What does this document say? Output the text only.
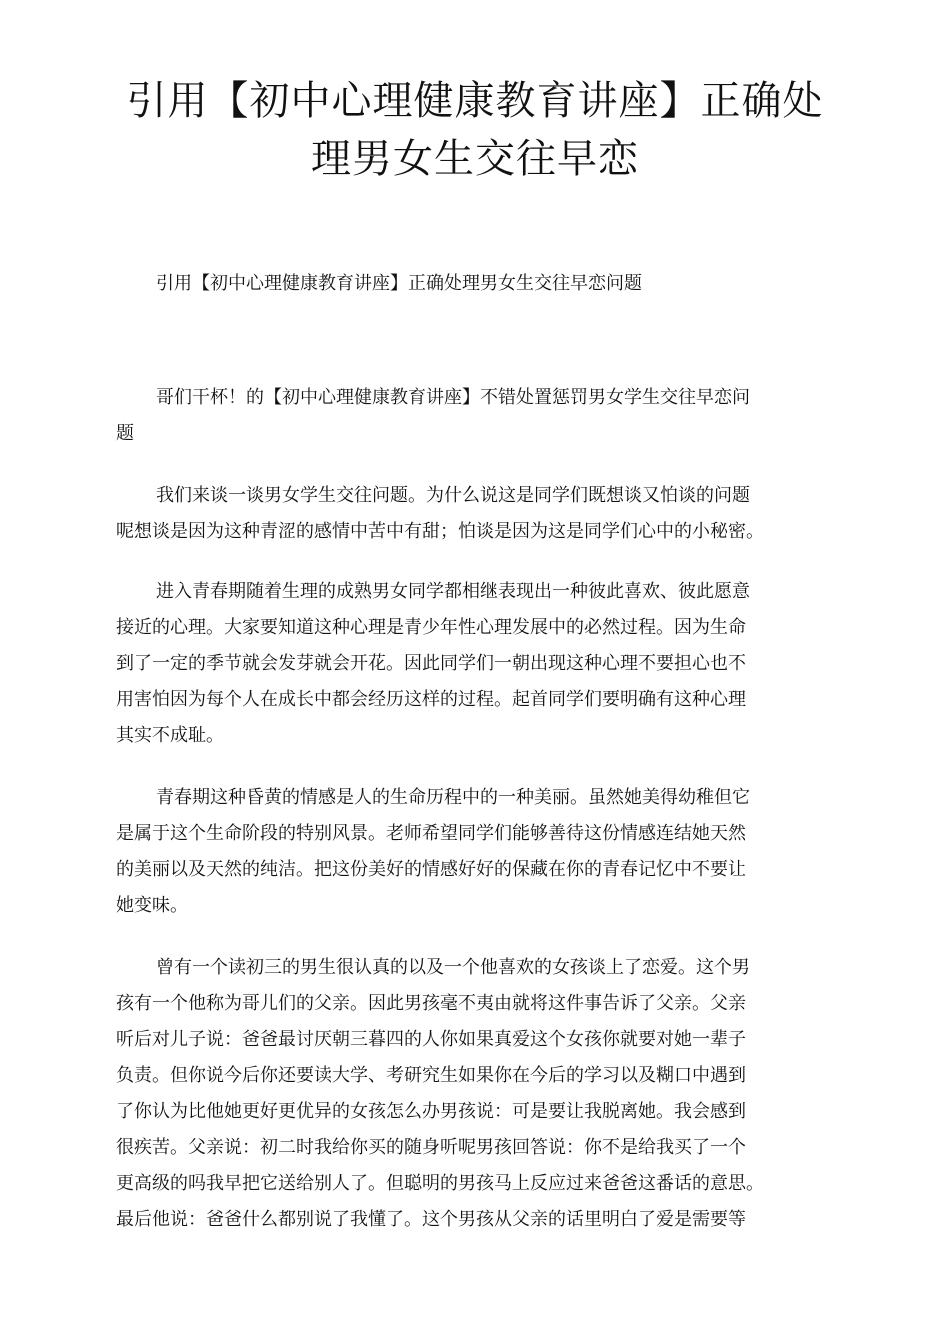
引用【初中心理健康教育讲座】正确处
理男女生交往早恋

引用【初中心理健康教育讲座】正确处理男女生交往早恋问题

哥们干杯！的【初中心理健康教育讲座】不错处置惩罚男女学生交往早恋问
题

我们来谈一谈男女学生交往问题。为什么说这是同学们既想谈又怕谈的问题
呢想谈是因为这种青涩的感情中苦中有甜；怕谈是因为这是同学们心中的小秘密。

进入青春期随着生理的成熟男女同学都相继表现出一种彼此喜欢、彼此愿意
接近的心理。大家要知道这种心理是青少年性心理发展中的必然过程。因为生命
到了一定的季节就会发芽就会开花。因此同学们一朝出现这种心理不要担心也不
用害怕因为每个人在成长中都会经历这样的过程。起首同学们要明确有这种心理
其实不成耻。

青春期这种昏黄的情感是人的生命历程中的一种美丽。虽然她美得幼稚但它
是属于这个生命阶段的特别风景。老师希望同学们能够善待这份情感连结她天然
的美丽以及天然的纯洁。把这份美好的情感好好的保藏在你的青春记忆中不要让
她变味。

曾有一个读初三的男生很认真的以及一个他喜欢的女孩谈上了恋爱。这个男
孩有一个他称为哥儿们的父亲。因此男孩毫不夷由就将这件事告诉了父亲。父亲
听后对儿子说：爸爸最讨厌朝三暮四的人你如果真爱这个女孩你就要对她一辈子
负责。但你说今后你还要读大学、考研究生如果你在今后的学习以及糊口中遇到
了你认为比他她更好更优异的女孩怎么办男孩说：可是要让我脱离她。我会感到
很疾苦。父亲说：初二时我给你买的随身听呢男孩回答说：你不是给我买了一个
更高级的吗我早把它送给别人了。但聪明的男孩马上反应过来爸爸这番话的意思。
最后他说：爸爸什么都别说了我懂了。这个男孩从父亲的话里明白了爱是需要等
